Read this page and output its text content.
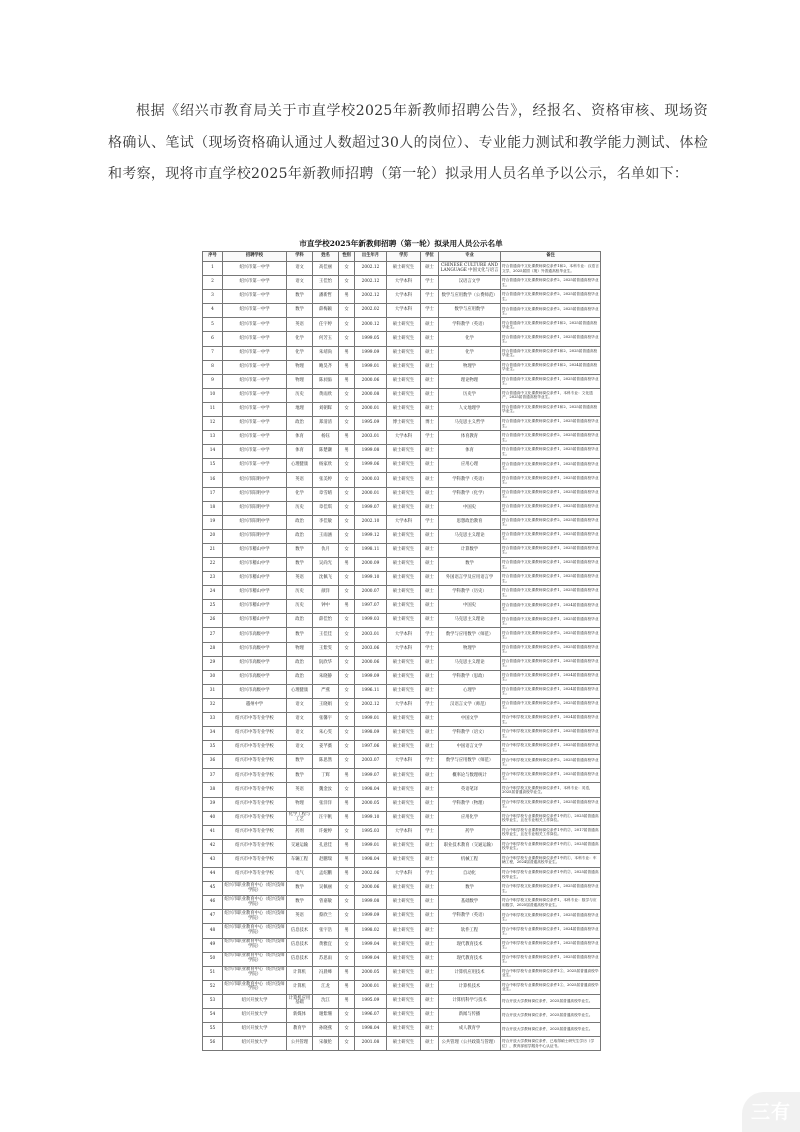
根据《绍兴市教育局关于市直学校2025年新教师招聘公告》，经报名、资格审核、现场资格确认、笔试（现场资格确认通过人数超过30人的岗位）、专业能力测试和教学能力测试、体检和考察，现将市直学校2025年新教师招聘（第一轮）拟录用人员名单予以公示，名单如下：

市直学校2025年新教师招聘（第一轮）拟录用人员公示名单
序号	招聘学校	学科	姓名	性别	出生年月	学历	学位	专业	备注
1	绍兴市第一中学	语文	高佳丽	女	2002.12	硕士研究生	硕士	CHINESE CULTURE AND LANGUAGE 中国文化与语言	符合普通高中文化课教师岗位条件1和2，本科专业：汉语言文学，2025届国（境）外普通高校毕业生。
2	绍兴市第一中学	语文	王佳怡	女	2002.12	大学本科	学士	汉语言文学	符合普通高中文化课教师岗位条件2，2025届普通高校毕业生。
3	绍兴市第一中学	数学	潘新哲	男	2002.12	大学本科	学士	数学与应用数学（公费师范）	符合普通高中文化课教师岗位条件2，2025届普通高校毕业生。
4	绍兴市第一中学	数学	薛梅颖	女	2002.02	大学本科	学士	数学与应用数学	符合普通高中文化课教师岗位条件2，2025届普通高校毕业生。
5	绍兴市第一中学	英语	任宇婷	女	2000.12	硕士研究生	硕士	学科教学（英语）	符合普通高中文化课教师岗位条件1和2，2025届普通高校毕业生。
6	绍兴市第一中学	化学	何芳玉	女	1999.05	硕士研究生	硕士	化学	符合普通高中文化课教师岗位条件1，2025届普通高校毕业生。
7	绍兴市第一中学	化学	朱靖尚	男	1999.09	硕士研究生	硕士	化学	符合普通高中文化课教师岗位条件1和2，2025届普通高校毕业生。
8	绍兴市第一中学	物理	鲍昊齐	男	1999.01	硕士研究生	硕士	物理学	符合普通高中文化课教师岗位条件1和2，2024届普通高校毕业生。
9	绍兴市第一中学	物理	陈昶溢	男	2000.06	硕士研究生	硕士	理论物理	符合普通高中文化课教师岗位条件1，2025届普通高校毕业生。
10	绍兴市第一中学	历史	黄雨欣	女	2000.08	硕士研究生	硕士	历史学	符合普通高中文化课教师岗位条件1，本科专业：文化遗产，2025届普通高校毕业生。
11	绍兴市第一中学	地理	刘朝晖	女	2000.01	硕士研究生	硕士	人文地理学	符合普通高中文化课教师岗位条件1和2，2025届普通高校毕业生。
12	绍兴市第一中学	政治	郑清清	女	1995.09	博士研究生	博士	马克思主义哲学	符合普通高中文化课教师岗位条件1，2025届普通高校毕业生。
13	绍兴市第一中学	体育	杨钰	男	2003.01	大学本科	学士	体育教育	符合普通高中文化课教师岗位条件2，2025届普通高校毕业生。
14	绍兴市第一中学	体育	陈楚灏	男	1999.08	硕士研究生	硕士	体育	符合普通高中文化课教师岗位条件1，2025届普通高校毕业生。
15	绍兴市第一中学	心理健康	杨家欣	女	1999.06	硕士研究生	硕士	应用心理	符合普通高中文化课教师岗位条件1，2025届普通高校毕业生。
16	绍兴市阳明中学	英语	张美婷	女	2000.03	硕士研究生	硕士	学科教学（英语）	符合普通高中文化课教师岗位条件1，2025届普通高校毕业生。
17	绍兴市阳明中学	化学	章雪晴	女	2000.01	硕士研究生	硕士	学科教学（化学）	符合普通高中文化课教师岗位条件1，2025届普通高校毕业生。
18	绍兴市阳明中学	历史	章佳琪	女	1999.07	硕士研究生	硕士	中国史	符合普通高中文化课教师岗位条件1，2025届普通高校毕业生。
19	绍兴市阳明中学	政治	李佳敏	女	2002.10	大学本科	学士	思想政治教育	符合普通高中文化课教师岗位条件2，2025届普通高校毕业生。
20	绍兴市阳明中学	政治	王雨涵	女	1999.12	硕士研究生	硕士	马克思主义理论	符合普通高中文化课教师岗位条件1，2025届普通高校毕业生。
21	绍兴市稽山中学	数学	仇月	女	1998.11	硕士研究生	硕士	计算数学	符合普通高中文化课教师岗位条件1，2025届普通高校毕业生。
22	绍兴市稽山中学	数学	吴尚光	男	2000.09	硕士研究生	硕士	数学	符合普通高中文化课教师岗位条件1，2025届普通高校毕业生。
23	绍兴市稽山中学	英语	沈佩飞	女	1999.10	硕士研究生	硕士	外国语言学及应用语言学	符合普通高中文化课教师岗位条件1，2025届普通高校毕业生。
24	绍兴市稽山中学	历史	颜洋	女	2000.07	硕士研究生	硕士	学科教学（历史）	符合普通高中文化课教师岗位条件1，2025届普通高校毕业生。
25	绍兴市稽山中学	历史	钟中	男	1997.07	硕士研究生	硕士	中国史	符合普通高中文化课教师岗位条件1，2024届普通高校毕业生。
26	绍兴市稽山中学	政治	薛佳怡	女	1999.03	硕士研究生	硕士	马克思主义理论	符合普通高中文化课教师岗位条件1，2025届普通高校毕业生。
27	绍兴市高级中学	数学	王佳佳	女	2003.01	大学本科	学士	数学与应用数学（师范）	符合普通高中文化课教师岗位条件2，2025届普通高校毕业生。
28	绍兴市高级中学	物理	王紫雯	女	2003.06	大学本科	学士	物理学	符合普通高中文化课教师岗位条件2，2025届普通高校毕业生。
29	绍兴市高级中学	政治	阮欣华	女	2000.06	硕士研究生	硕士	马克思主义理论	符合普通高中文化课教师岗位条件1，2025届普通高校毕业生。
30	绍兴市高级中学	政治	朱晓静	女	1999.09	硕士研究生	硕士	学科教学（思政）	符合普通高中文化课教师岗位条件1，2024届普通高校毕业生。
31	绍兴市高级中学	心理健康	严燕	女	1996.11	硕士研究生	硕士	心理学	符合普通高中文化课教师岗位条件1，2024届普通高校毕业生。
32	越州中学	语文	王晓娟	女	2002.12	大学本科	学士	汉语言文学（师范）	符合普通高中文化课教师岗位条件2，2025届普通高校毕业生。
33	绍兴市中等专业学校	语文	张馨宇	女	1999.01	硕士研究生	硕士	中国文学	符合中职学校文化课教师岗位条件1，2024届普通高校毕业生。
34	绍兴市中等专业学校	语文	朱心雯	女	1998.09	硕士研究生	硕士	学科教学（语文）	符合中职学校文化课教师岗位条件1，2025届普通高校毕业生。
35	绍兴市中等专业学校	语文	姜芊薇	女	1997.06	硕士研究生	硕士	中国语言文学	符合中职学校文化课教师岗位条件1，2025届普通高校毕业生。
36	绍兴市中等专业学校	数学	陈思然	女	2003.07	大学本科	学士	数学与应用数学（师范）	符合中职学校文化课教师岗位条件2，2025届普通高校毕业生。
37	绍兴市中等专业学校	数学	丁辉	男	1999.07	硕士研究生	硕士	概率论与数理统计	符合中职学校文化课教师岗位条件1，2025届普通高校毕业生。
38	绍兴市中等专业学校	英语	魏金汝	女	1998.04	硕士研究生	硕士	英语笔译	符合中职学校文化课教师岗位条件1，本科专业：英语，2025届普通高校毕业生。
39	绍兴市中等专业学校	物理	张洋洋	男	2000.05	硕士研究生	硕士	学科教学（物理）	符合中职学校文化课教师岗位条件1，2025届普通高校毕业生。
40	绍兴市中等专业学校	化学工程与工艺	汪宇帆	男	1999.10	硕士研究生	硕士	应用化学	符合中职学校专业课教师岗位条件1中的①，2025届普通高校毕业生，且在专业相关工作岗位。
41	绍兴市中等专业学校	药剂	许娅婷	女	1995.03	大学本科	学士	药学	符合中职学校专业课教师岗位条件1中的②，2017届普通高校毕业生，且在专业相关工作岗位。
42	绍兴市中等专业学校	交通运输	孔意佳	男	1999.01	硕士研究生	硕士	职业技术教育（交通运输）	符合中职学校专业课教师岗位条件1中的①，2025届普通高校毕业生。
43	绍兴市中等专业学校	车辆工程	赵鹏瑞	男	1998.04	硕士研究生	硕士	机械工程	符合中职学校专业课教师岗位条件1中的①，本科专业：车辆工程，2024届普通高校毕业生。
44	绍兴市中等专业学校	电气	孟绍鹏	男	2002.06	大学本科	学士	自动化	符合中职学校专业课教师岗位条件1中的②，2025届普通高校毕业生。
45	绍兴市职业教育中心（绍兴技师学院）	数学	吴佩丽	女	2000.06	硕士研究生	硕士	数学	符合中职学校文化课教师岗位条件1，2025届普通高校毕业生。
46	绍兴市职业教育中心（绍兴技师学院）	数学	曾嘉敏	女	1999.08	硕士研究生	硕士	基础数学	符合中职学校文化课教师岗位条件1，本科专业：数学与应用数学，2025届普通高校毕业生。
47	绍兴市职业教育中心（绍兴技师学院）	英语	蔡欣兰	女	1999.09	硕士研究生	硕士	学科教学（英语）	符合中职学校文化课教师岗位条件1，2025届普通高校毕业生。
48	绍兴市职业教育中心（绍兴技师学院）	信息技术	张宇浩	男	1998.02	硕士研究生	硕士	软件工程	符合中职学校专业课教师岗位条件1，2024届普通高校毕业生。
49	绍兴市职业教育中心（绍兴技师学院）	信息技术	黄雅宜	女	1999.04	硕士研究生	硕士	现代教育技术	符合中职学校专业课教师岗位条件1，2025届普通高校毕业生。
50	绍兴市职业教育中心（绍兴技师学院）	信息技术	苏思雨	女	1999.04	硕士研究生	硕士	现代教育技术	符合中职学校专业课教师岗位条件1，2025届普通高校毕业生。
51	绍兴市职业教育中心（绍兴技师学院）	计算机	冯晨峰	男	2000.05	硕士研究生	硕士	计算机应用技术	符合中职学校专业课教师岗位条件1①，2025届普通高校毕业生。
52	绍兴市职业教育中心（绍兴技师学院）	计算机	江龙	男	2000.01	硕士研究生	硕士	计算机技术	符合中职学校专业课教师岗位条件1①，2025届普通高校毕业生。
53	绍兴开放大学	计算机应用基础	沈江	男	1995.09	硕士研究生	硕士	计算机科学与技术	符合开放大学教师岗位条件，2025届普通高校毕业生。
54	绍兴开放大学	新媒体	谢紫珊	女	1996.07	硕士研究生	硕士	新闻与传播	符合开放大学教师岗位条件，2025届普通高校毕业生。
55	绍兴开放大学	教育学	孙晓燕	女	1998.04	硕士研究生	硕士	成人教育学	符合开放大学教师岗位条件，2025届普通高校毕业生。
56	绍兴开放大学	公共管理	宋敏伦	女	2001.08	硕士研究生	硕士	公共管理（公共政策与管理）	符合开放大学教师岗位条件，已取得硕士研究生学历（学位），教育部留学服务中心认证书。
三有
